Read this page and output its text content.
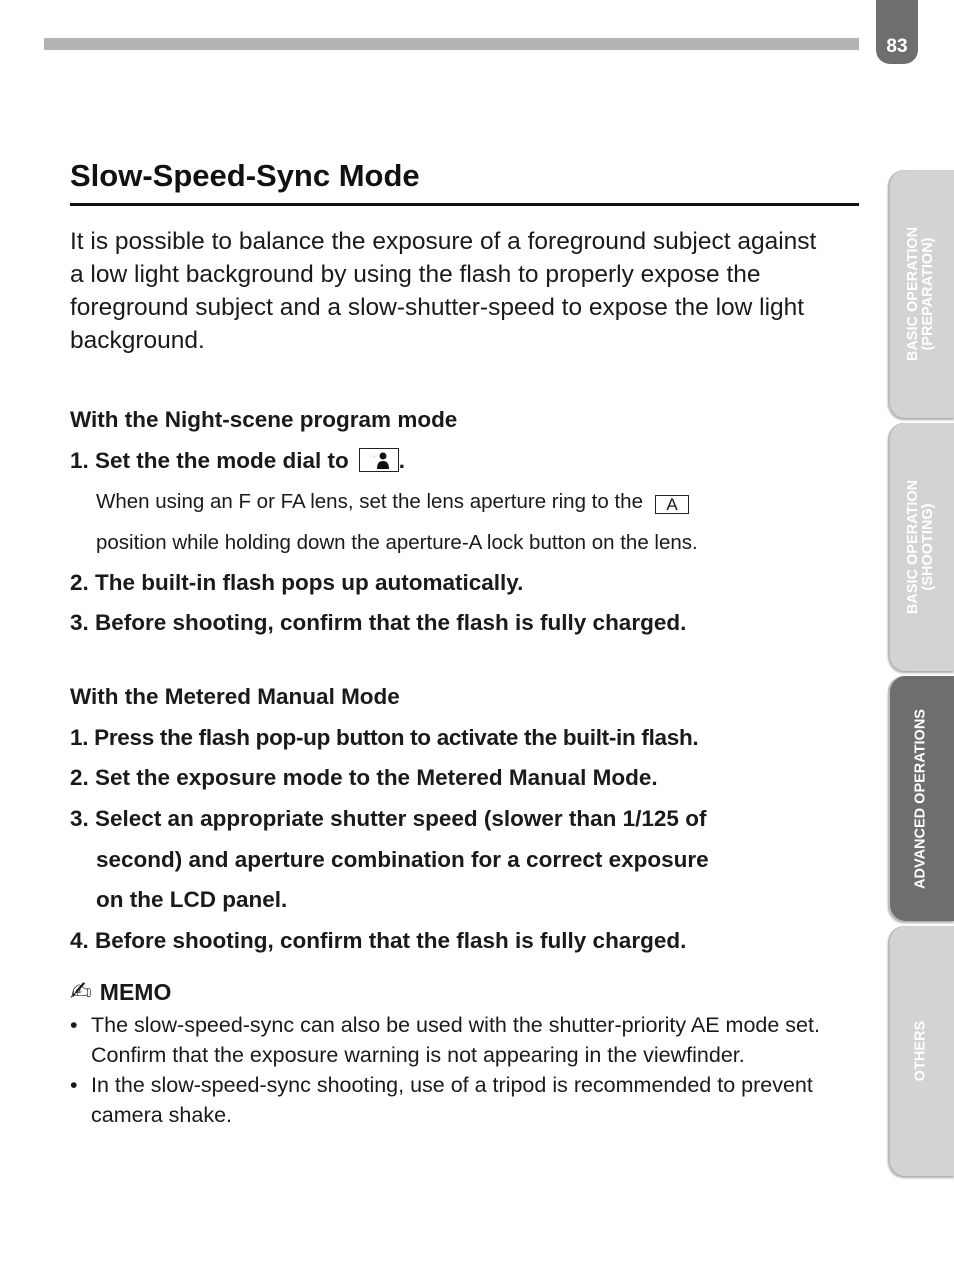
83
Slow-Speed-Sync Mode

It is possible to balance the exposure of a foreground subject against a low light background by using the flash to properly expose the foreground subject and a slow-shutter-speed to expose the low light background.

With the Night-scene program mode
1. Set the the mode dial to .
When using an F or FA lens, set the lens aperture ring to the A
position while holding down the aperture-A lock button on the lens.
2. The built-in flash pops up automatically.
3. Before shooting, confirm that the flash is fully charged.
With the Metered Manual Mode
1. Press the flash pop-up button to activate the built-in flash.
2. Set the exposure mode to the Metered Manual Mode.
3. Select an appropriate shutter speed (slower than 1/125 of
second) and aperture combination for a correct exposure
on the LCD panel.
4. Before shooting, confirm that the flash is fully charged.
✍ MEMO
• The slow-speed-sync can also be used with the shutter-priority AE mode set. Confirm that the exposure warning is not appearing in the viewfinder.
• In the slow-speed-sync shooting, use of a tripod is recommended to prevent camera shake.
BASIC OPERATION (PREPARATION)
BASIC OPERATION (SHOOTING)
ADVANCED OPERATIONS
OTHERS
